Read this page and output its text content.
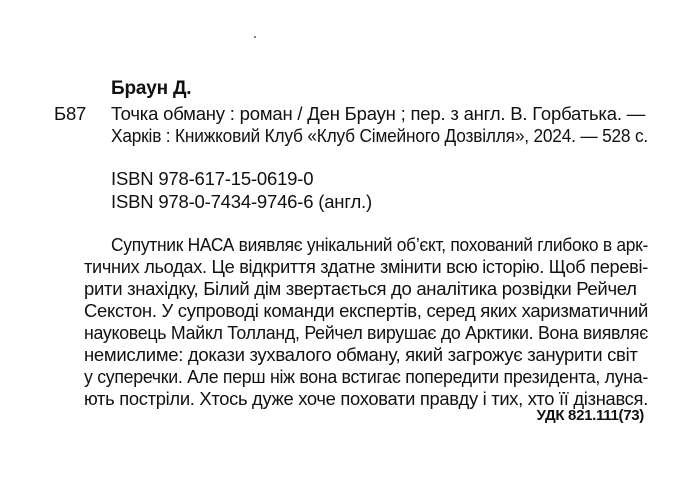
Браун Д.
Б87 Точка обману : роман / Ден Браун ; пер. з англ. В. Горбатька. —
Харків : Книжковий Клуб «Клуб Сімейного Дозвілля», 2024. — 528 с.
ISBN 978-617-15-0619-0
ISBN 978-0-7434-9746-6 (англ.)
Супутник НАСА виявляє унікальний об’єкт, похований глибоко в арк-
тичних льодах. Це відкриття здатне змінити всю історію. Щоб переві-
рити знахідку, Білий дім звертається до аналітика розвідки Рейчел
Секстон. У супроводі команди експертів, серед яких харизматичний
науковець Майкл Толланд, Рейчел вирушає до Арктики. Вона виявляє
немислиме: докази зухвалого обману, який загрожує занурити світ
у суперечки. Але перш ніж вона встигає попередити президента, лунa-
ють постріли. Хтось дуже хоче поховати правду і тих, хто її дізнався.
УДК 821.111(73)
